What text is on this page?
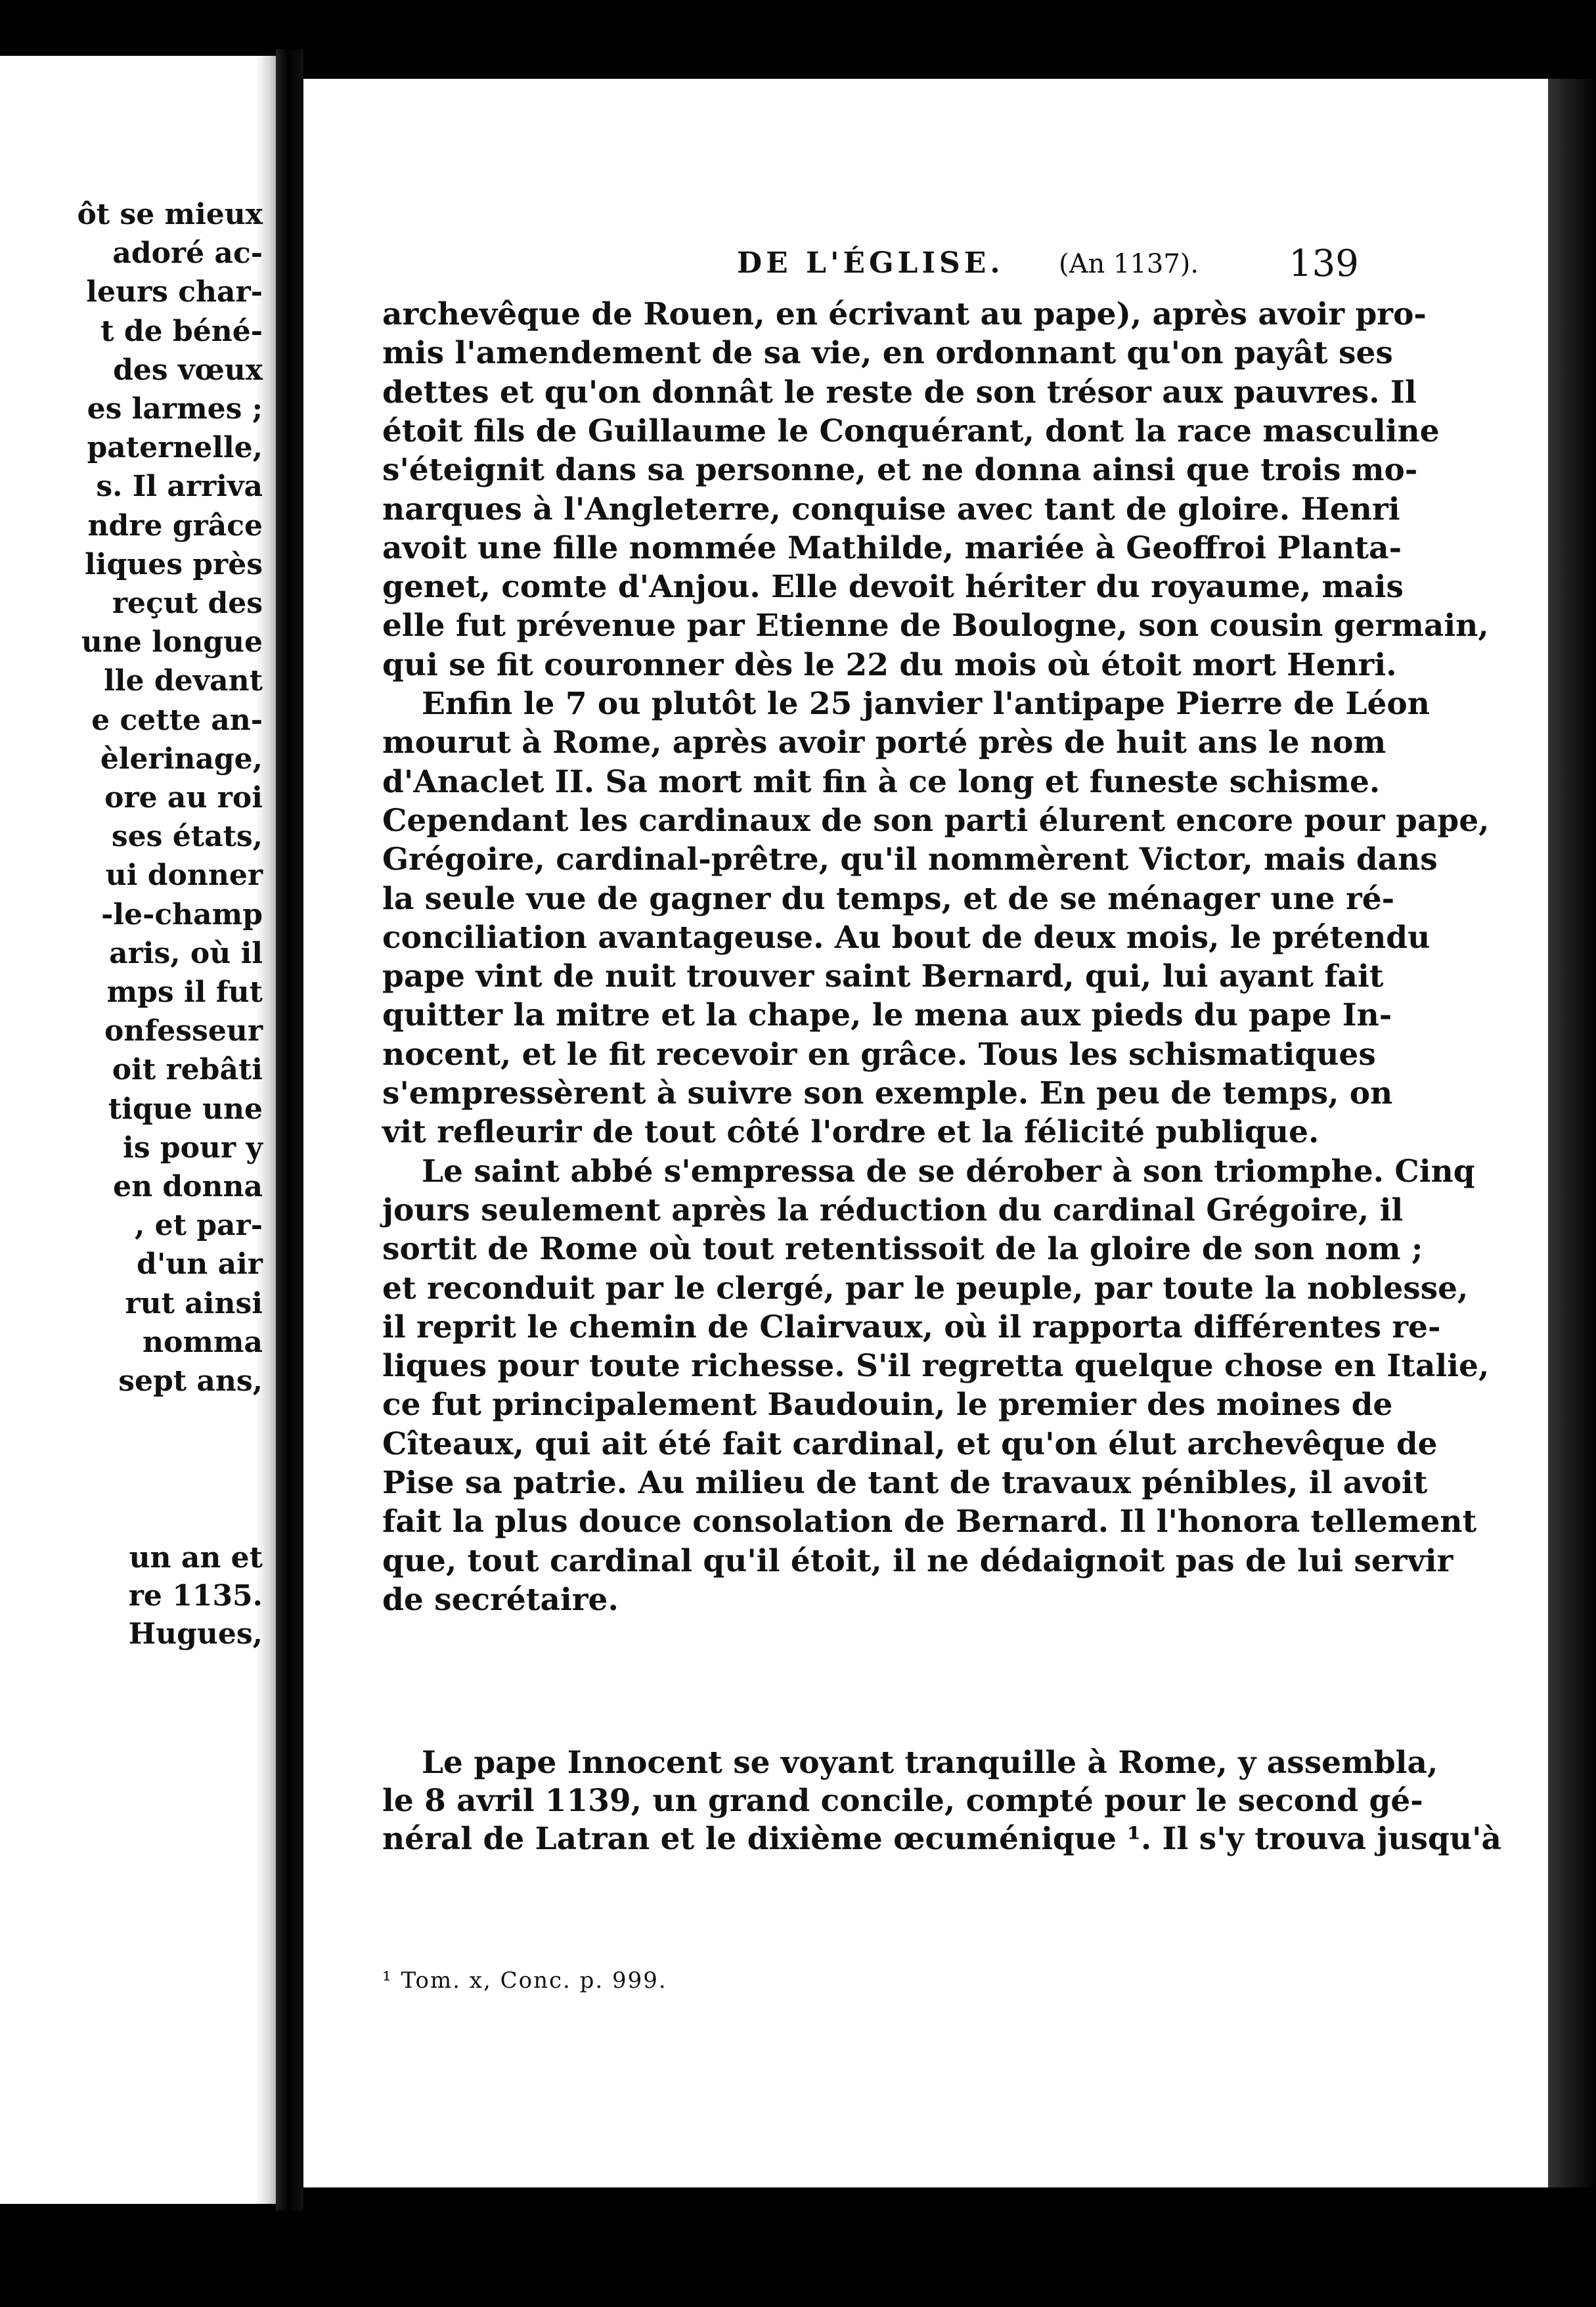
ôt se mieux
adoré ac-
leurs char-
t de béné-
des vœux
es larmes ;
paternelle,
s. Il arriva
ndre grâce
liques près
reçut des
une longue
lle devant
e cette an-
èlerinage,
ore au roi
ses états,
ui donner
-le-champ
aris, où il
mps il fut
onfesseur
oit rebâti
tique une
is pour y
en donna
, et par-
d'un air
rut ainsi
nomma
sept ans,
un an et
re 1135.
Hugues,
DE L'ÉGLISE. (An 1137). 139
archevêque de Rouen, en écrivant au pape), après avoir pro-
mis l'amendement de sa vie, en ordonnant qu'on payât ses
dettes et qu'on donnât le reste de son trésor aux pauvres. Il
étoit fils de Guillaume le Conquérant, dont la race masculine
s'éteignit dans sa personne, et ne donna ainsi que trois mo-
narques à l'Angleterre, conquise avec tant de gloire. Henri
avoit une fille nommée Mathilde, mariée à Geoffroi Planta-
genet, comte d'Anjou. Elle devoit hériter du royaume, mais
elle fut prévenue par Etienne de Boulogne, son cousin germain,
qui se fit couronner dès le 22 du mois où étoit mort Henri.
Enfin le 7 ou plutôt le 25 janvier l'antipape Pierre de Léon
mourut à Rome, après avoir porté près de huit ans le nom
d'Anaclet II. Sa mort mit fin à ce long et funeste schisme.
Cependant les cardinaux de son parti élurent encore pour pape,
Grégoire, cardinal-prêtre, qu'il nommèrent Victor, mais dans
la seule vue de gagner du temps, et de se ménager une ré-
conciliation avantageuse. Au bout de deux mois, le prétendu
pape vint de nuit trouver saint Bernard, qui, lui ayant fait
quitter la mitre et la chape, le mena aux pieds du pape In-
nocent, et le fit recevoir en grâce. Tous les schismatiques
s'empressèrent à suivre son exemple. En peu de temps, on
vit refleurir de tout côté l'ordre et la félicité publique.
Le saint abbé s'empressa de se dérober à son triomphe. Cinq
jours seulement après la réduction du cardinal Grégoire, il
sortit de Rome où tout retentissoit de la gloire de son nom ;
et reconduit par le clergé, par le peuple, par toute la noblesse,
il reprit le chemin de Clairvaux, où il rapporta différentes re-
liques pour toute richesse. S'il regretta quelque chose en Italie,
ce fut principalement Baudouin, le premier des moines de
Cîteaux, qui ait été fait cardinal, et qu'on élut archevêque de
Pise sa patrie. Au milieu de tant de travaux pénibles, il avoit
fait la plus douce consolation de Bernard. Il l'honora tellement
que, tout cardinal qu'il étoit, il ne dédaignoit pas de lui servir
de secrétaire.
Le pape Innocent se voyant tranquille à Rome, y assembla,
le 8 avril 1139, un grand concile, compté pour le second gé-
néral de Latran et le dixième œcuménique ¹. Il s'y trouva jusqu'à
¹ Tom. x, Conc. p. 999.
